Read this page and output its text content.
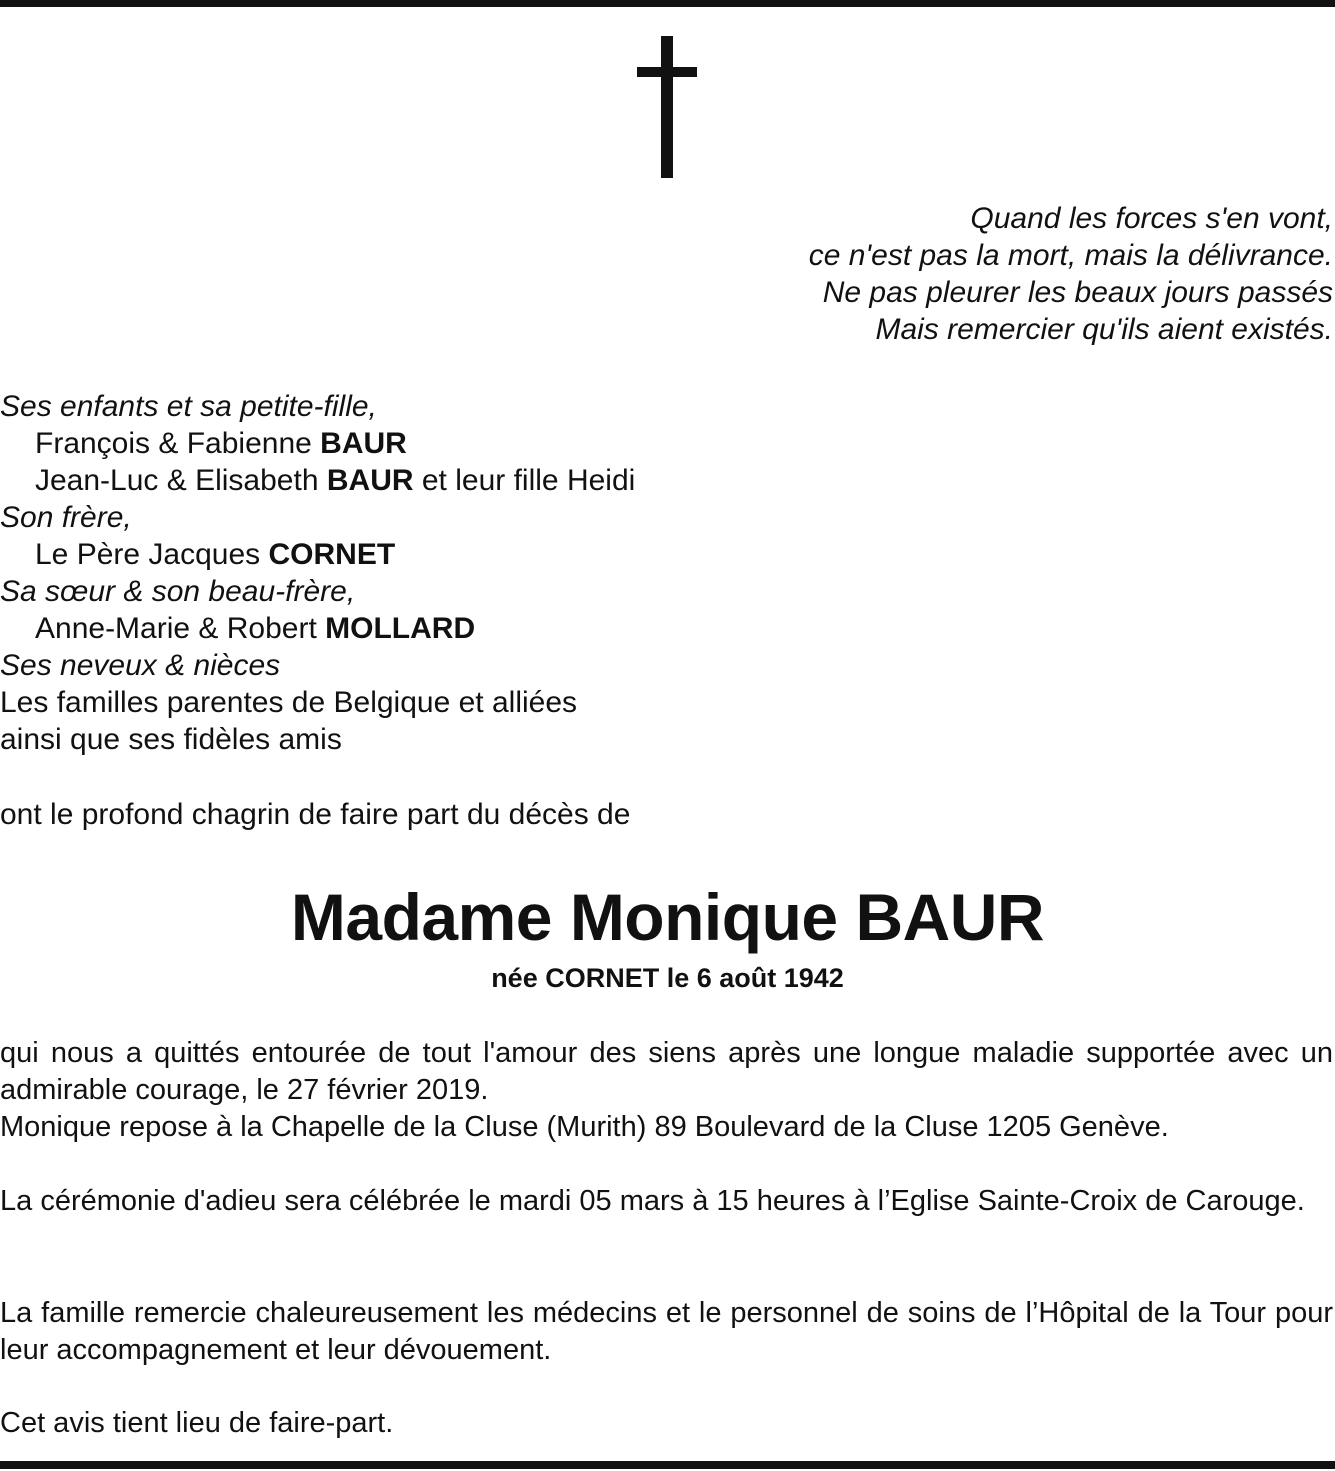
Quand les forces s'en vont,
ce n'est pas la mort, mais la délivrance.
Ne pas pleurer les beaux jours passés
Mais remercier qu'ils aient existés.
Ses enfants et sa petite-fille,
François & Fabienne BAUR
Jean-Luc & Elisabeth BAUR et leur fille Heidi
Son frère,
Le Père Jacques CORNET
Sa sœur & son beau-frère,
Anne-Marie & Robert MOLLARD
Ses neveux & nièces
Les familles parentes de Belgique et alliées
ainsi que ses fidèles amis
ont le profond chagrin de faire part du décès de
Madame Monique BAUR
née CORNET le 6 août 1942
qui nous a quittés entourée de tout l'amour des siens après une longue maladie supportée avec un admirable courage, le 27 février 2019.
Monique repose à la Chapelle de la Cluse (Murith) 89 Boulevard de la Cluse 1205 Genève.
La cérémonie d'adieu sera célébrée le mardi 05 mars à 15 heures à l’Eglise Sainte-Croix de Carouge.
La famille remercie chaleureusement les médecins et le personnel de soins de l’Hôpital de la Tour pour leur accompagnement et leur dévouement.
Cet avis tient lieu de faire-part.
